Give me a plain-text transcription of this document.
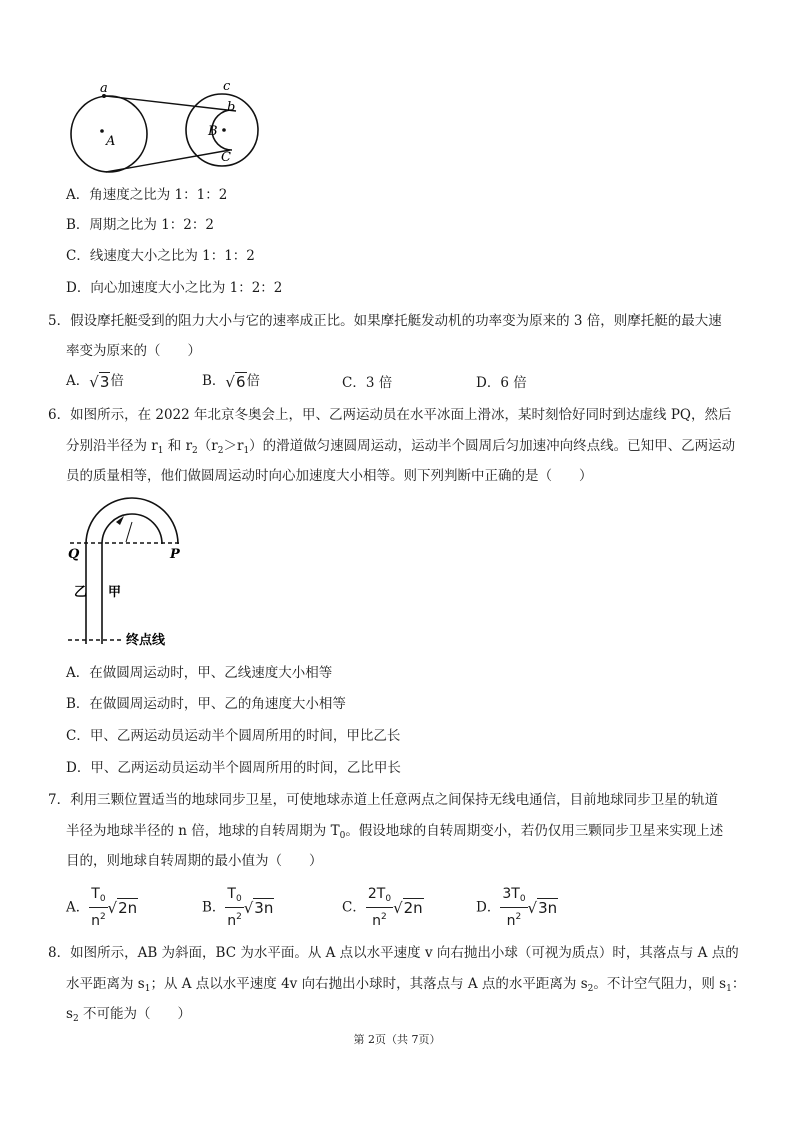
a
A
c
b
B
C
A．角速度之比为 1：1：2
B．周期之比为 1：2：2
C．线速度大小之比为 1：1：2
D．向心加速度大小之比为 1：2：2
5．假设摩托艇受到的阻力大小与它的速率成正比。如果摩托艇发动机的功率变为原来的 3 倍，则摩托艇的最大速
率变为原来的（　　）
A．√3倍	B．√6倍	C．3 倍	D．6 倍
6．如图所示，在 2022 年北京冬奥会上，甲、乙两运动员在水平冰面上滑冰，某时刻恰好同时到达虚线 PQ，然后
分别沿半径为 $r_1$ 和 $r_2(r_2>r_1)$的滑道做匀速圆周运动，运动半个圆周后匀加速冲向终点线。已知甲、乙两运动
员的质量相等，他们做圆周运动时向心加速度大小相等。则下列判断中正确的是（　　）
Q	P
乙 甲
终点线
A．在做圆周运动时，甲、乙线速度大小相等
B．在做圆周运动时，甲、乙的角速度大小相等
C．甲、乙两运动员运动半个圆周所用的时间，甲比乙长
D．甲、乙两运动员运动半个圆周所用的时间，乙比甲长
7．利用三颗位置适当的地球同步卫星，可使地球赤道上任意两点之间保持无线电通信，目前地球同步卫星的轨道
半径为地球半径的 n 倍，地球的自转周期为 $T_0$。假设地球的自转周期变小，若仍仅用三颗同步卫星来实现上述
目的，则地球自转周期的最小值为（　　）
A． $\frac{T_0}{n^2} √2n$	B． $\frac{T_0}{n^2} √3n$	C． $\frac{2T_0}{n^2} √2n$	D． $\frac{3T_0}{n^2} √3n$
8．如图所示，AB 为斜面，BC 为水平面。从 A 点以水平速度 v 向右抛出小球（可视为质点）时，其落点与 A 点的
水平距离为 $s_1$；从 A 点以水平速度 4v 向右抛出小球时，其落点与 A 点的水平距离为 $s_2$。不计空气阻力，则 $s_1$：
$s_2$ 不可能为（　　）
第 2页（共 7页）
